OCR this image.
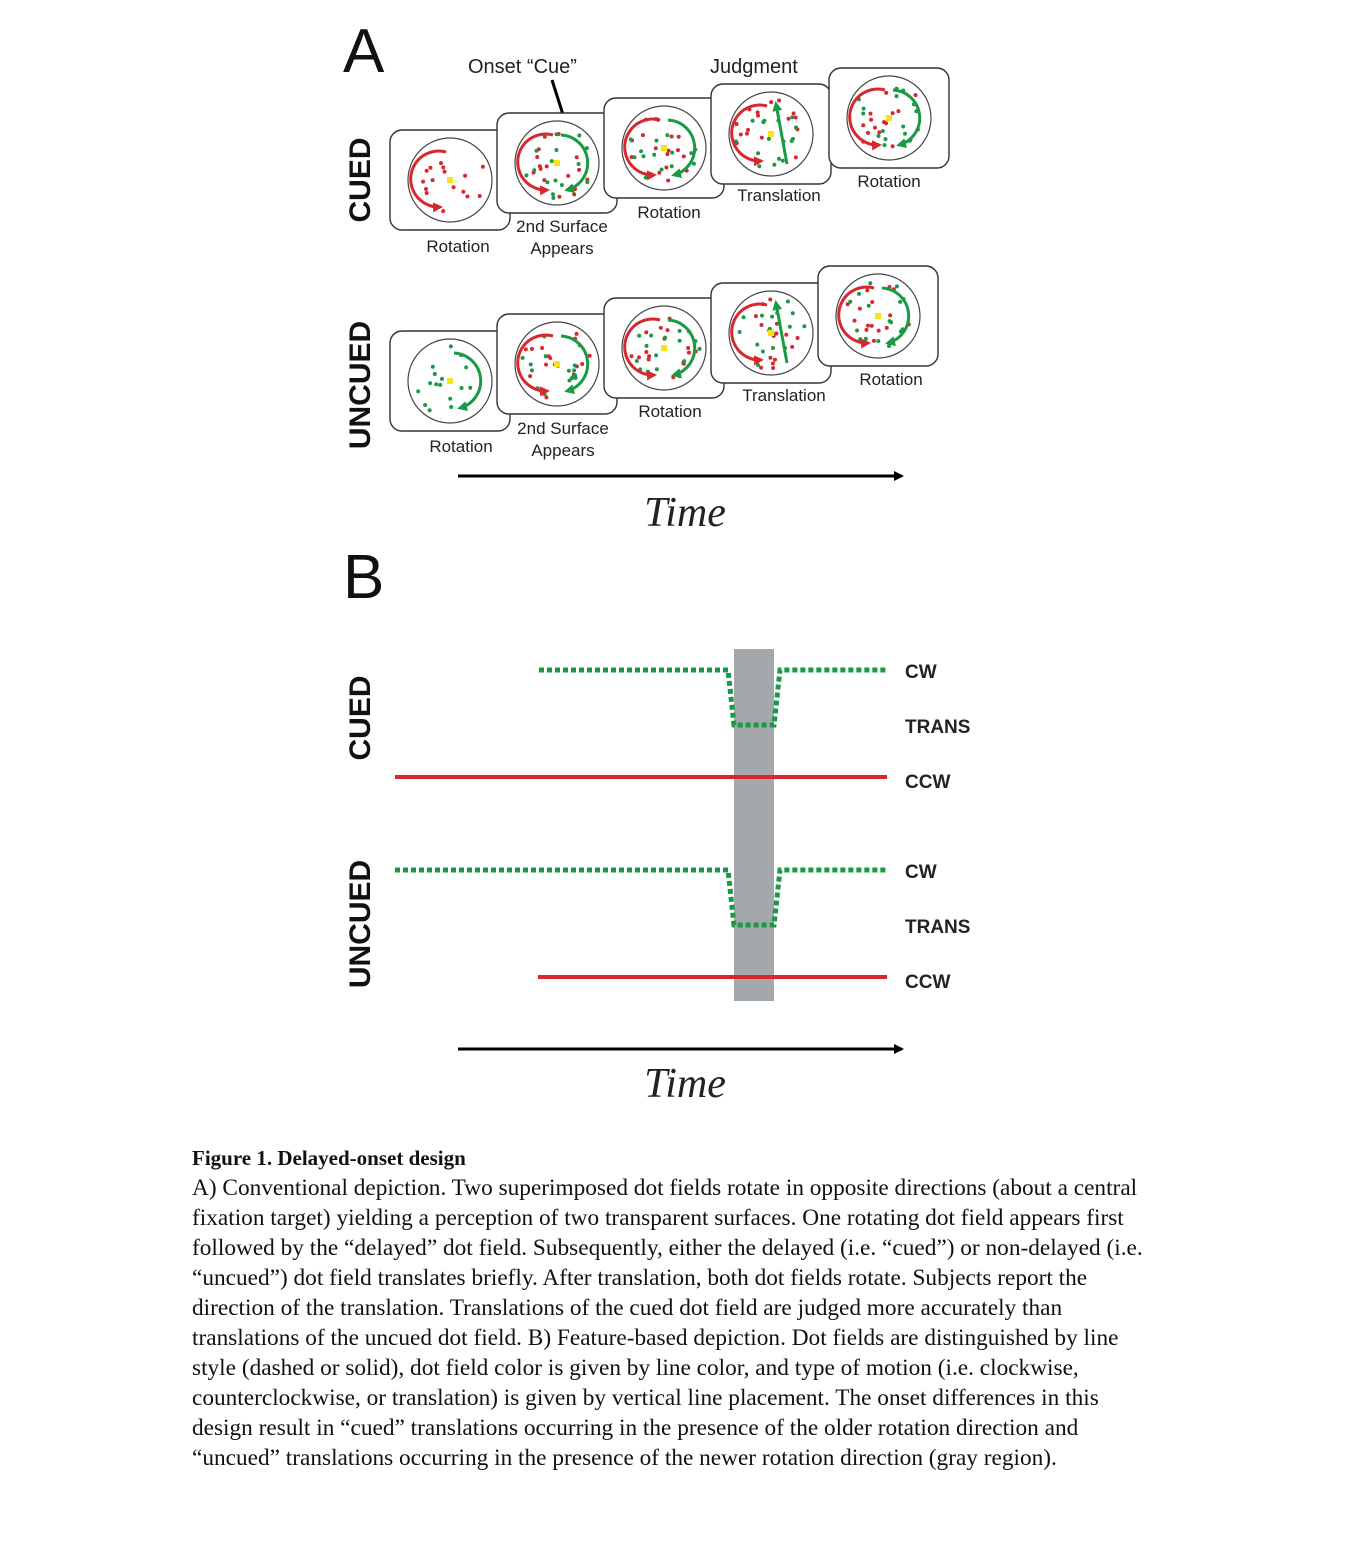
A	Onset “Cue”	Judgment
CUED
UNCUED
Rotation
2nd Surface
Appears
Rotation
Translation
Rotation
Rotation
2nd Surface
Appears
Rotation
Translation
Rotation
Time
B
CUED
UNCUED
CW
TRANS
CCW
CW
TRANS
CCW
Time
Figure 1. Delayed-onset design
A) Conventional depiction. Two superimposed dot fields rotate in opposite directions (about a central fixation target) yielding a perception of two transparent surfaces. One rotating dot field appears first followed by the “delayed” dot field. Subsequently, either the delayed (i.e. “cued”) or non-delayed (i.e. “uncued”) dot field translates briefly. After translation, both dot fields rotate. Subjects report the direction of the translation. Translations of the cued dot field are judged more accurately than translations of the uncued dot field. B) Feature-based depiction. Dot fields are distinguished by line style (dashed or solid), dot field color is given by line color, and type of motion (i.e. clockwise, counterclockwise, or translation) is given by vertical line placement. The onset differences in this design result in “cued” translations occurring in the presence of the older rotation direction and “uncued” translations occurring in the presence of the newer rotation direction (gray region).
